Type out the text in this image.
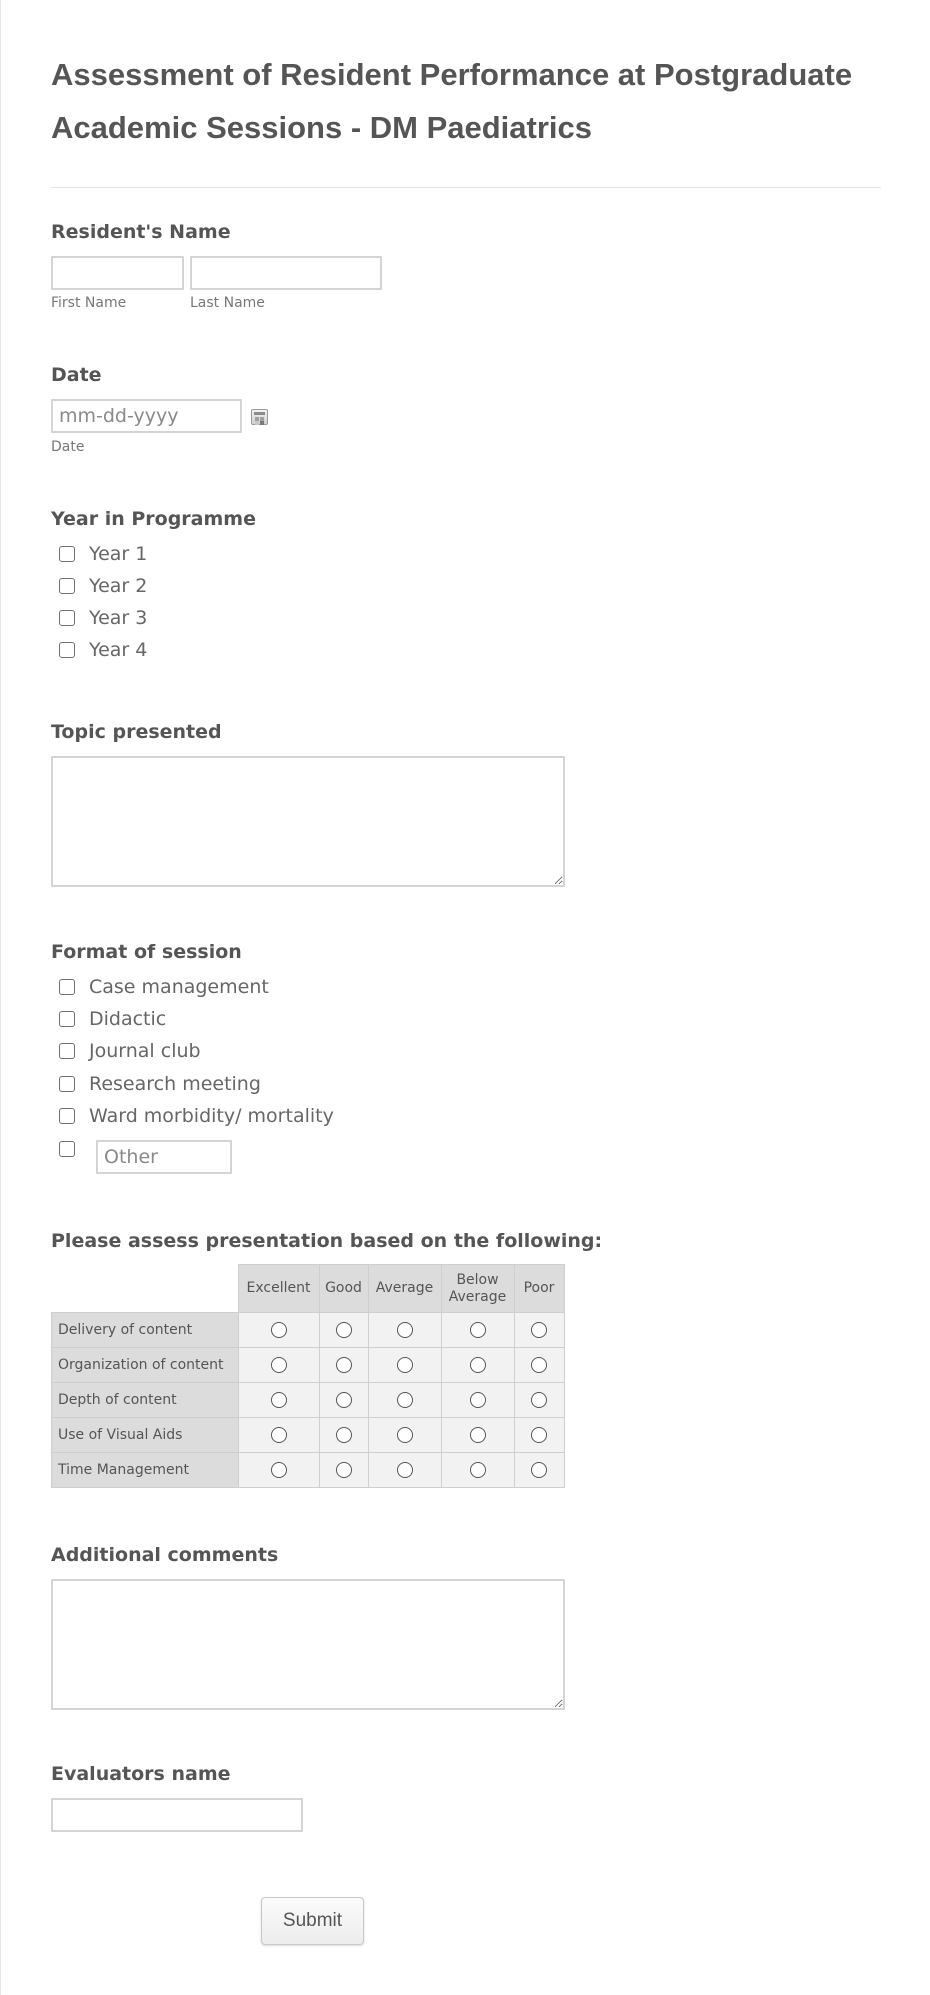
Assessment of Resident Performance at Postgraduate Academic Sessions - DM Paediatrics
Resident's Name
First Name	Last Name
Date
mm-dd-yyyy
Date
Year in Programme
Year 1
Year 2
Year 3
Year 4
Topic presented
Format of session
Case management
Didactic
Journal club
Research meeting
Ward morbidity/ mortality
Other
Please assess presentation based on the following:
	Excellent	Good	Average	Below Average	Poor
Delivery of content					
Organization of content					
Depth of content					
Use of Visual Aids					
Time Management					
Additional comments
Evaluators name
Submit
